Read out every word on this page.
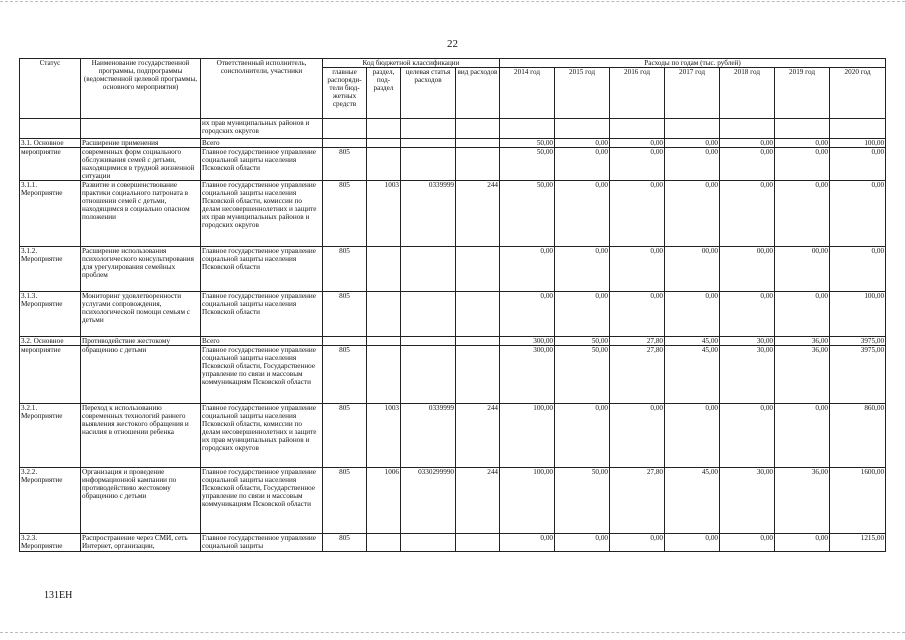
22
Статус	Наименование государственной программы, подпрограммы (ведомственной целевой программы, основного мероприятия)	Ответственный исполнитель, соисполнители, участники	Код бюджетной классификации				Расходы по годам (тыс. рублей)						
			главные распоряди-тели бюд-жетных средств	раздел, под-раздел	целевая статья расходов	вид расходов	2014 год	2015 год	2016 год	2017 год	2018 год	2019 год	2020 год
		их прав муниципальных районов и городских округов											
3.1. Основное	Расширение применения	Всего					50,00	0,00	0,00	0,00	0,00	0,00	100,00
мероприятие	современных форм социального обслуживания семей с детьми, находящимися в трудной жизненной ситуации	Главное государственное управление социальной защиты населения Псковской области	805				50,00	0,00	0,00	0,00	0,00	0,00	0,00
3.1.1. Мероприятие	Развитие и совершенствование практики социального патроната в отношении семей с детьми, находящимся в социально опасном положении	Главное государственное управление социальной защиты населения Псковской области, комиссии по делам несовершеннолетних и защите их прав муниципальных районов и городских округов	805	1003	0339999	244	50,00	0,00	0,00	0,00	0,00	0,00	0,00
3.1.2. Мероприятие	Расширение использования психологического консультирования для урегулирования семейных проблем	Главное государственное управление социальной защиты населения Псковской области	805				0,00	0,00	0,00	00,00	00,00	00,00	0,00
3.1.3. Мероприятие	Мониторинг удовлетворенности услугами сопровождения, психологической помощи семьям с детьми	Главное государственное управление социальной защиты населения Псковской области	805				0,00	0,00	0,00	0,00	0,00	0,00	100,00
3.2. Основное	Противодействие жестокому	Всего					300,00	50,00	27,80	45,00	30,00	36,00	3975,00
мероприятие	обращению с детьми	Главное государственное управление социальной защиты населения Псковской области, Государственное управление по связи и массовым коммуникациям Псковской области	805				300,00	50,00	27,80	45,00	30,00	36,00	3975,00
3.2.1. Мероприятие	Переход к использованию современных технологий раннего выявления жестокого обращения и насилия в отношении ребенка	Главное государственное управление социальной защиты населения Псковской области, комиссии по делам несовершеннолетних и защите их прав муниципальных районов и городских округов	805	1003	0339999	244	100,00	0,00	0,00	0,00	0,00	0,00	860,00
3.2.2. Мероприятие	Организация и проведение информационной кампании по противодействию жестокому обращению с детьми	Главное государственное управление социальной защиты населения Псковской области, Государственное управление по связи и массовым коммуникациям Псковской области	805	1006	0330299990	244	100,00	50,00	27,80	45,00	30,00	36,00	1600,00
3.2.3. Мероприятие	Распространение через СМИ, сеть Интернет, организации,	Главное государственное управление социальной защиты	805				0,00	0,00	0,00	0,00	0,00	0,00	1215,00
131ЕН
